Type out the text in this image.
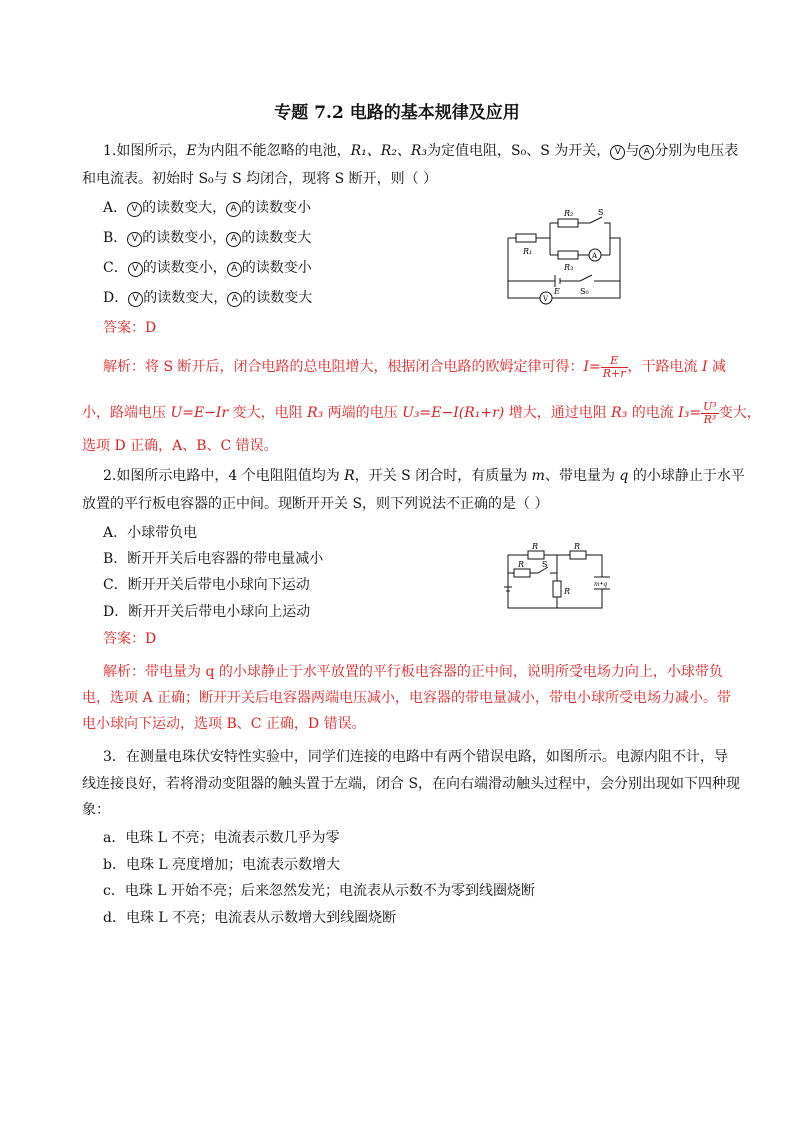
专题 7.2 电路的基本规律及应用
1.如图所示，E为内阻不能忽略的电池，R₁、R₂、R₃为定值电阻，S₀、S 为开关， V 与 A 分别为电压表
和电流表。初始时 S₀与 S 均闭合，现将 S 断开，则（ ）
A． V 的读数变大， A 的读数变小
B． V 的读数变小， A 的读数变大
C． V 的读数变小， A 的读数变小
D． V 的读数变大， A 的读数变大
答案：D
R₁
R₂	S
R₃
A
E	S₀
V
解析：将 S 断开后，闭合电路的总电阻增大，根据闭合电路的欧姆定律可得：$I= \frac{E}{R+r}$ ，干路电流 I 减
小，路端电压 U=E−Ir 变大，电阻 R₃ 两端的电压 U₃=E−I(R₁+r) 增大，通过电阻 R₃ 的电流 $I_3= \frac{\text{U³}}{\text{R³}}$ 变大，
选项 D 正确，A、B、C 错误。
2.如图所示电路中，4 个电阻阻值均为 R，开关 S 闭合时，有质量为 m、带电量为 q 的小球静止于水平
放置的平行板电容器的正中间。现断开开关 S，则下列说法不正确的是（ ）
A．小球带负电
B．断开开关后电容器的带电量减小
C．断开开关后带电小球向下运动
D．断开开关后带电小球向上运动
答案：D
R	R
R S
R
m•q
解析：带电量为 q 的小球静止于水平放置的平行板电容器的正中间，说明所受电场力向上，小球带负
电，选项 A 正确；断开开关后电容器两端电压减小，电容器的带电量减小，带电小球所受电场力减小。带
电小球向下运动，选项 B、C 正确，D 错误。
3．在测量电珠伏安特性实验中，同学们连接的电路中有两个错误电路，如图所示。电源内阻不计，导
线连接良好，若将滑动变阻器的触头置于左端，闭合 S，在向右端滑动触头过程中，会分别出现如下四种现
象：
a．电珠 L 不亮；电流表示数几乎为零
b．电珠 L 亮度增加；电流表示数增大
c．电珠 L 开始不亮；后来忽然发光；电流表从示数不为零到线圈烧断
d．电珠 L 不亮；电流表从示数增大到线圈烧断
